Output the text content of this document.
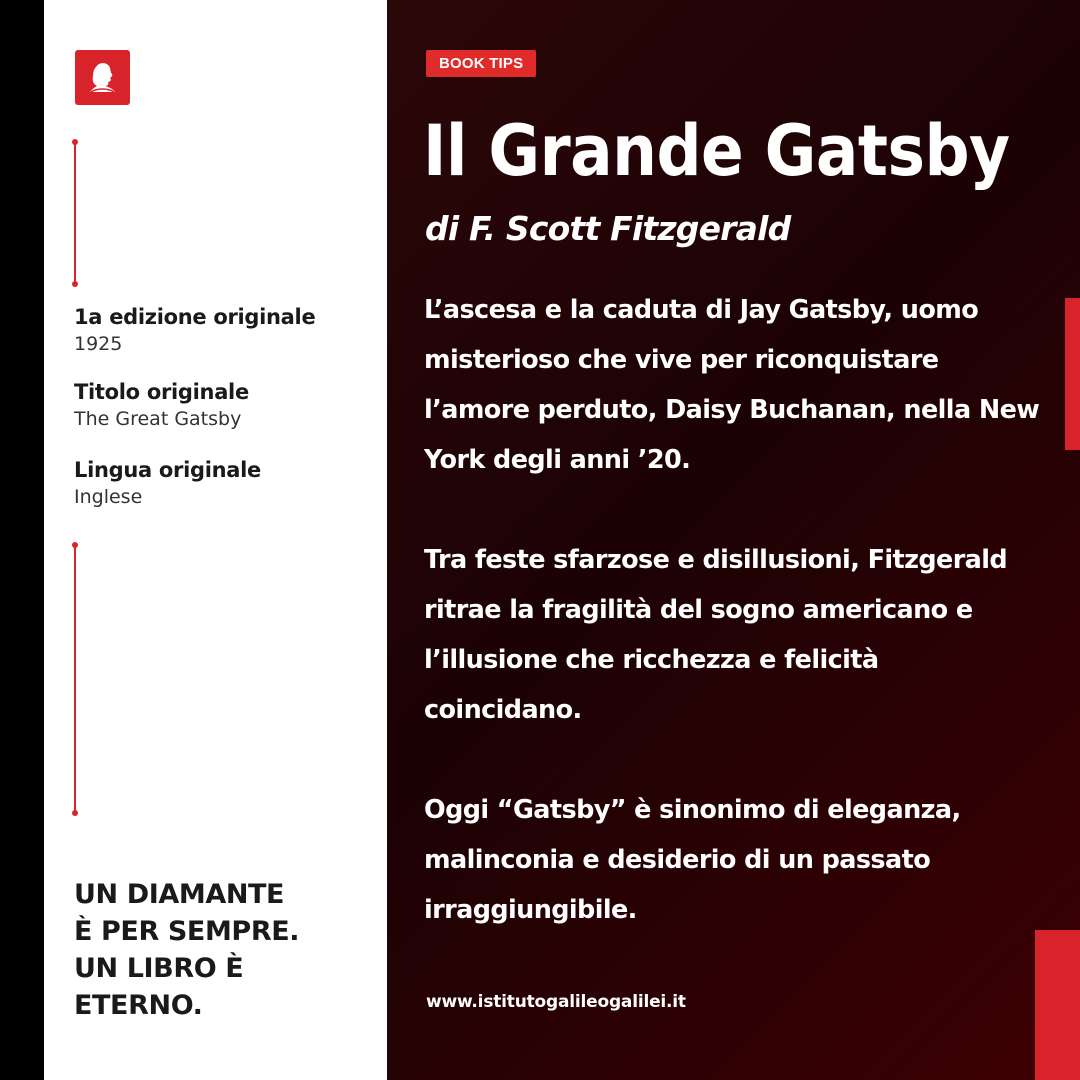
1a edizione originale
1925
Titolo originale
The Great Gatsby
Lingua originale
Inglese
UN DIAMANTE
È PER SEMPRE.
UN LIBRO È
ETERNO.
BOOK TIPS
Il Grande Gatsby
di F. Scott Fitzgerald

L’ascesa e la caduta di Jay Gatsby, uomo misterioso che vive per riconquistare l’amore perduto, Daisy Buchanan, nella New York degli anni ’20.

Tra feste sfarzose e disillusioni, Fitzgerald ritrae la fragilità del sogno americano e l’illusione che ricchezza e felicità coincidano.

Oggi “Gatsby” è sinonimo di eleganza, malinconia e desiderio di un passato irraggiungibile.

www.istitutogalileogalilei.it
